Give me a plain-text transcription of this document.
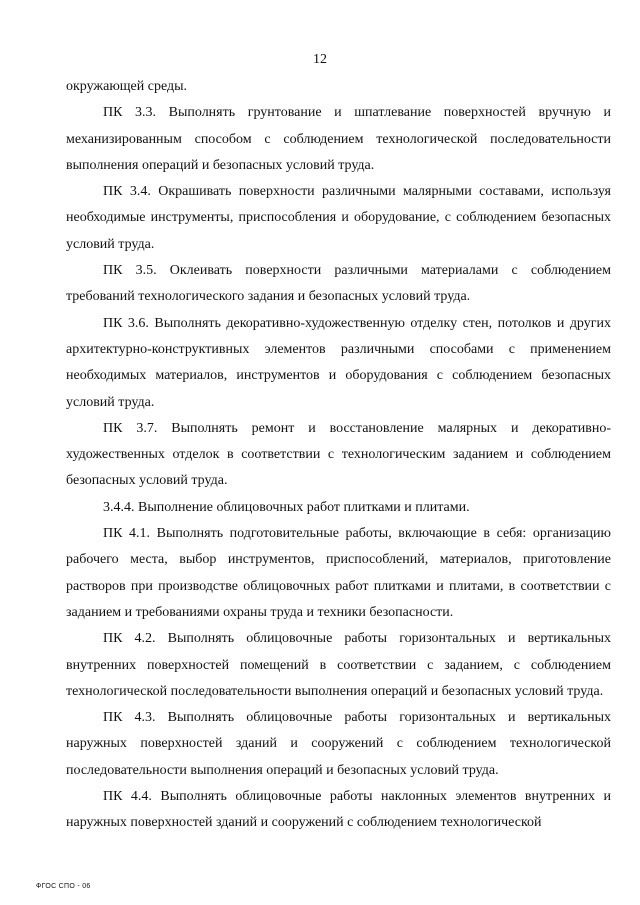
12

окружающей среды.

ПК 3.3. Выполнять грунтование и шпатлевание поверхностей вручную и механизированным способом с соблюдением технологической последовательности выполнения операций и безопасных условий труда.

ПК 3.4. Окрашивать поверхности различными малярными составами, используя необходимые инструменты, приспособления и оборудование, с соблюдением безопасных условий труда.

ПК 3.5. Оклеивать поверхности различными материалами с соблюдением требований технологического задания и безопасных условий труда.

ПК 3.6. Выполнять декоративно-художественную отделку стен, потолков и других архитектурно-конструктивных элементов различными способами с применением необходимых материалов, инструментов и оборудования с соблюдением безопасных условий труда.

ПК 3.7. Выполнять ремонт и восстановление малярных и декоративно-художественных отделок в соответствии с технологическим заданием и соблюдением безопасных условий труда.

3.4.4. Выполнение облицовочных работ плитками и плитами.

ПК 4.1. Выполнять подготовительные работы, включающие в себя: организацию рабочего места, выбор инструментов, приспособлений, материалов, приготовление растворов при производстве облицовочных работ плитками и плитами, в соответствии с заданием и требованиями охраны труда и техники безопасности.

ПК 4.2. Выполнять облицовочные работы горизонтальных и вертикальных внутренних поверхностей помещений в соответствии с заданием, с соблюдением технологической последовательности выполнения операций и безопасных условий труда.

ПК 4.3. Выполнять облицовочные работы горизонтальных и вертикальных наружных поверхностей зданий и сооружений с соблюдением технологической последовательности выполнения операций и безопасных условий труда.

ПК 4.4. Выполнять облицовочные работы наклонных элементов внутренних и наружных поверхностей зданий и сооружений с соблюдением технологической

ФГОС СПО - 06
